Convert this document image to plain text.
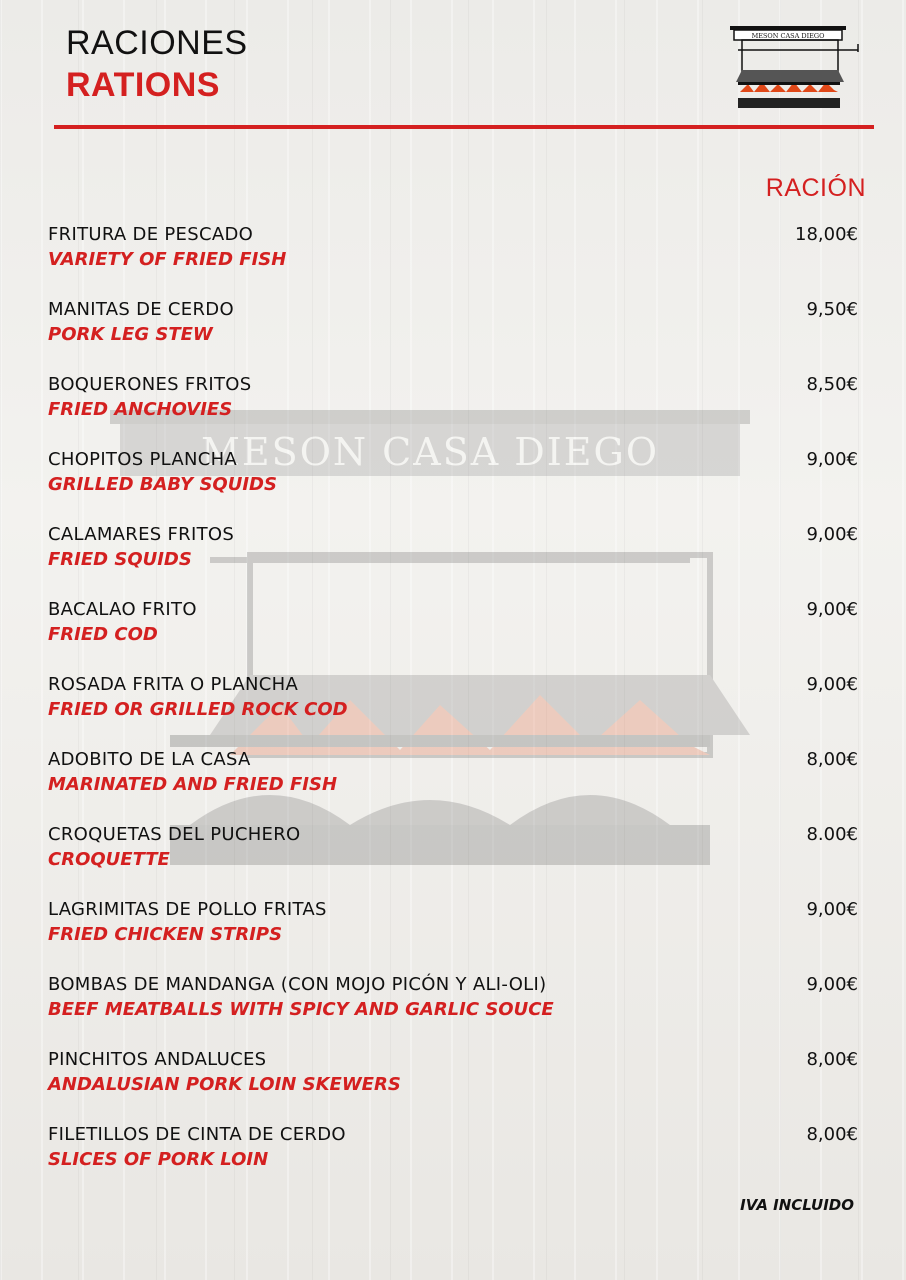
MESON CASA DIEGO
RACIONES
RATIONS
MESON CASA DIEGO
RACIÓN
FRITURA DE PESCADO
VARIETY OF FRIED FISH
18,00€
MANITAS DE CERDO
PORK LEG STEW
9,50€
BOQUERONES FRITOS
FRIED ANCHOVIES
8,50€
CHOPITOS PLANCHA
GRILLED BABY SQUIDS
9,00€
CALAMARES FRITOS
FRIED SQUIDS
9,00€
BACALAO FRITO
FRIED COD
9,00€
ROSADA FRITA O PLANCHA
FRIED OR GRILLED ROCK COD
9,00€
ADOBITO DE LA CASA
MARINATED AND FRIED FISH
8,00€
CROQUETAS DEL PUCHERO
CROQUETTE
8.00€
LAGRIMITAS DE POLLO FRITAS
FRIED CHICKEN STRIPS
9,00€
BOMBAS DE MANDANGA (CON MOJO PICÓN Y ALI-OLI)
BEEF MEATBALLS WITH SPICY AND GARLIC SOUCE
9,00€
PINCHITOS ANDALUCES
ANDALUSIAN PORK LOIN SKEWERS
8,00€
FILETILLOS DE CINTA DE CERDO
SLICES OF PORK LOIN
8,00€
IVA INCLUIDO
